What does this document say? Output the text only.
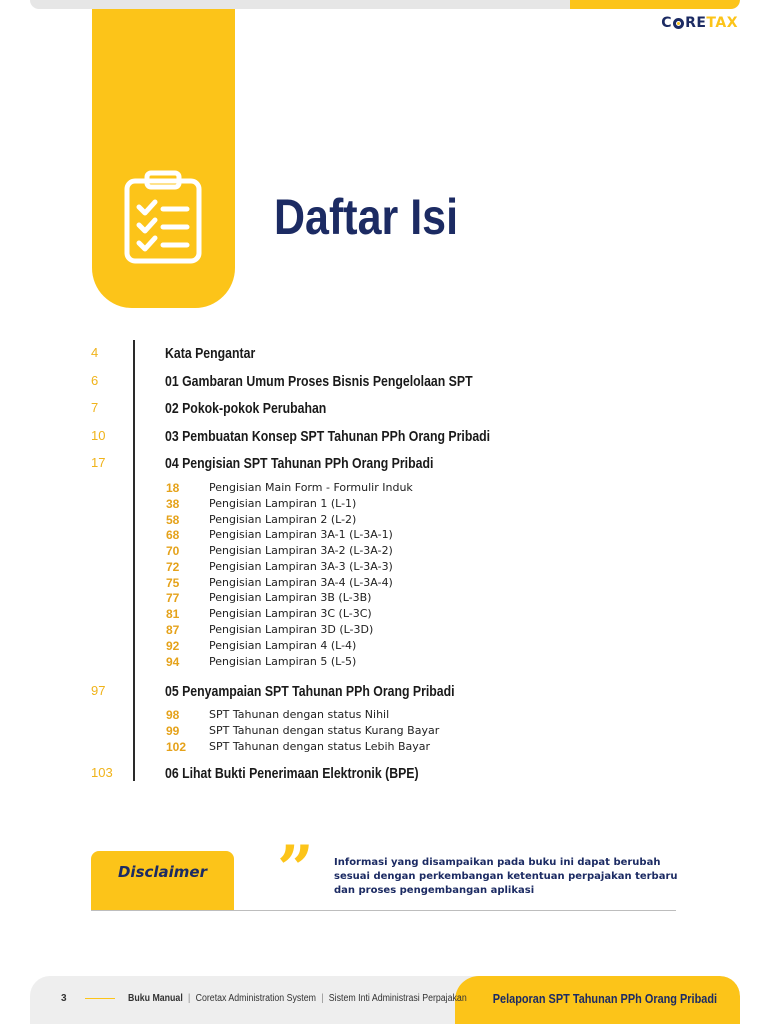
C RE TAX
Daftar Isi
4	Kata Pengantar
6	01 Gambaran Umum Proses Bisnis Pengelolaan SPT
7	02 Pokok-pokok Perubahan
10	03 Pembuatan Konsep SPT Tahunan PPh Orang Pribadi
17	04 Pengisian SPT Tahunan PPh Orang Pribadi
18	Pengisian Main Form - Formulir Induk
38	Pengisian Lampiran 1 (L-1)
58	Pengisian Lampiran 2 (L-2)
68	Pengisian Lampiran 3A-1 (L-3A-1)
70	Pengisian Lampiran 3A-2 (L-3A-2)
72	Pengisian Lampiran 3A-3 (L-3A-3)
75	Pengisian Lampiran 3A-4 (L-3A-4)
77	Pengisian Lampiran 3B (L-3B)
81	Pengisian Lampiran 3C (L-3C)
87	Pengisian Lampiran 3D (L-3D)
92	Pengisian Lampiran 4 (L-4)
94	Pengisian Lampiran 5 (L-5)
97	05 Penyampaian SPT Tahunan PPh Orang Pribadi
98	SPT Tahunan dengan status Nihil
99	SPT Tahunan dengan status Kurang Bayar
102	SPT Tahunan dengan status Lebih Bayar
103	06 Lihat Bukti Penerimaan Elektronik (BPE)
Disclaimer	” Informasi yang disampaikan pada buku ini dapat berubah sesuai dengan perkembangan ketentuan perpajakan terbaru dan proses pengembangan aplikasi
3	Buku Manual | Coretax Administration System | Sistem Inti Administrasi Perpajakan Pelaporan SPT Tahunan PPh Orang Pribadi
